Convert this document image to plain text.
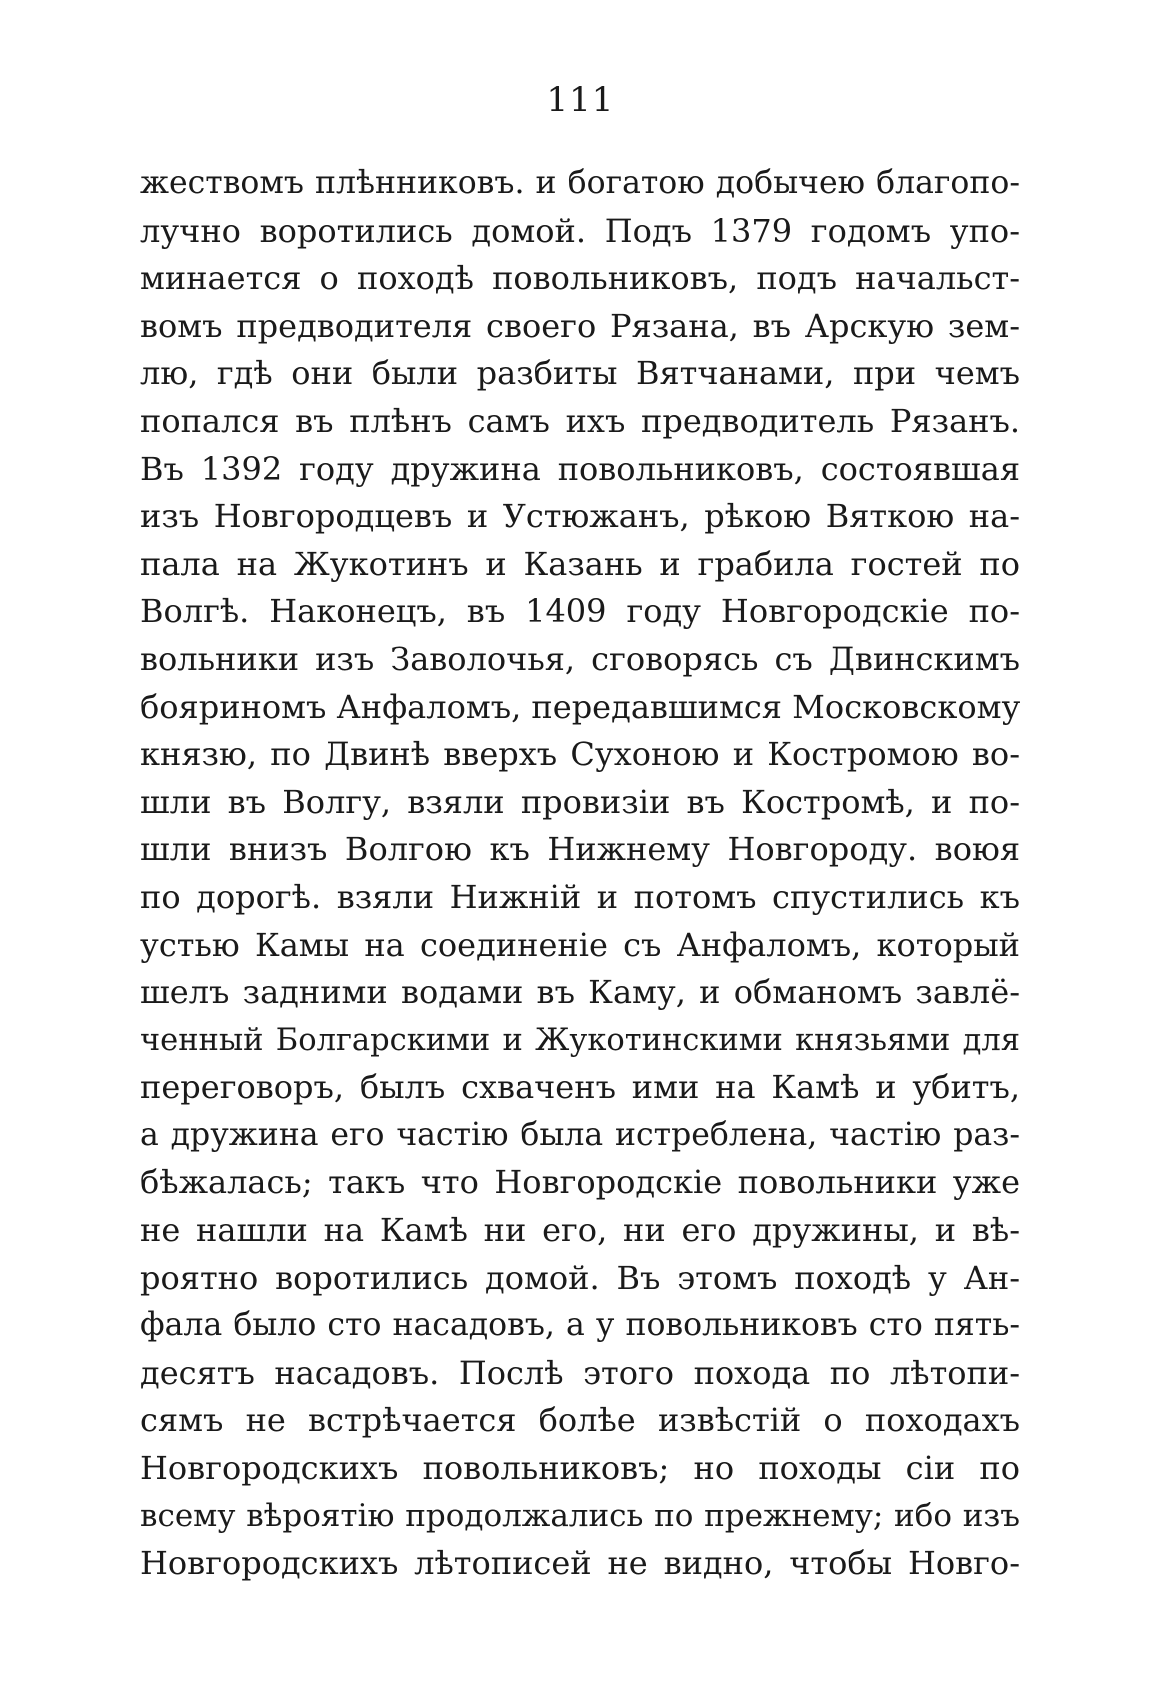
111
жествомъ плѣнниковъ. и богатою добычею благопо-
лучно воротились домой. Подъ 1379 годомъ упо-
минается о походѣ повольниковъ, подъ начальст-
вомъ предводителя своего Рязана, въ Арскую зем-
лю, гдѣ они были разбиты Вятчанами, при чемъ
попался въ плѣнъ самъ ихъ предводитель Рязанъ.
Въ 1392 году дружина повольниковъ, состоявшая
изъ Новгородцевъ и Устюжанъ, рѣкою Вяткою на-
пала на Жукотинъ и Казань и грабила гостей по
Волгѣ. Наконецъ, въ 1409 году Новгородскіе по-
вольники изъ Заволочья, сговорясь съ Двинскимъ
бояриномъ Анфаломъ, передавшимся Московскому
князю, по Двинѣ вверхъ Сухоною и Костромою во-
шли въ Волгу, взяли провизіи въ Костромѣ, и по-
шли внизъ Волгою къ Нижнему Новгороду. воюя
по дорогѣ. взяли Нижній и потомъ спустились къ
устью Камы на соединеніе съ Анфаломъ, который
шелъ задними водами въ Каму, и обманомъ завлё-
ченный Болгарскими и Жукотинскими князьями для
переговоръ, былъ схваченъ ими на Камѣ и убитъ,
а дружина его частію была истреблена, частію раз-
бѣжалась; такъ что Новгородскіе повольники уже
не нашли на Камѣ ни его, ни его дружины, и вѣ-
роятно воротились домой. Въ этомъ походѣ у Ан-
фала было сто насадовъ, а у повольниковъ сто пять-
десятъ насадовъ. Послѣ этого похода по лѣтопи-
сямъ не встрѣчается болѣе извѣстій о походахъ
Новгородскихъ повольниковъ; но походы сіи по
всему вѣроятію продолжались по прежнему; ибо изъ
Новгородскихъ лѣтописей не видно, чтобы Новго-
